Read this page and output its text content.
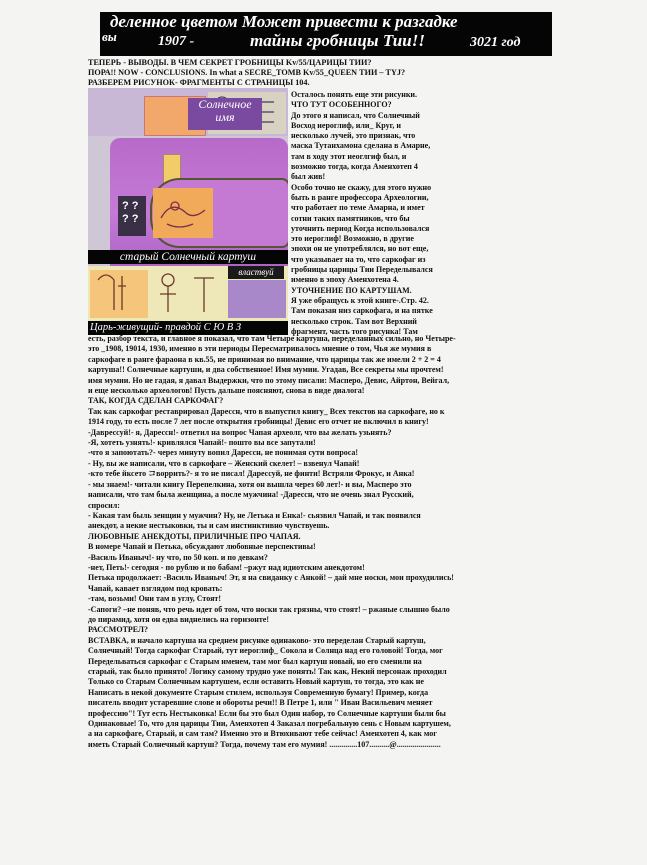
деленное цветом Может привести к разгадке
вы	1907 -	тайны гробницы Тии!!	3021 год
ТЕПЕРЬ - ВЫВОДЫ. В ЧЕМ СЕКРЕТ ГРОБНИЦЫ Kv/55/ЦАРИЦЫ ТИИ?
ПОРА!! NOW - CONCLUSIONS. In what a SECRE_TOMB Kv/55_QUEEN ТИИ – TYJ?
РАЗБЕРЕМ РИСУНОК- ФРАГМЕНТЫ С СТРАНИЦЫ 104.
Солнечное имя
? ?
? ?
старый Солнечный картуш
властвуй
Царь-живущий- правдой С Ю В З
Осталось понять еще эти рисунки.
ЧТО ТУТ ОСОБЕННОГО?
До этого я написал, что Солнечный
Восход иероглиф, или_ Круг, и
несколько лучей, это признак, что
маска Тутанхамона сделана в Амарне,
там в ходу этот иеоглгиф был, и
возможно тогда, когда Аменхотеп 4
был жив!
Особо точно не скажу, для этого нужно
быть в ранге профессора Археологии,
что работает по теме Амарна, и имет
сотни таких памятников, что бы
уточнить период Когда использовался
это иероглиф! Возможно, в другие
эпохи он не употреблялся, но вот еще,
что указывает на то, что саркофаг из
гробницы царицы Тии Переделывался
именно в эпоху Аменхотена 4.
УТОЧНЕНИЕ ПО КАРТУШАМ.
Я уже обращусь к этой книге-.Стр. 42.
Там показан низ саркофага, и на пятке
несколько строк. Там вот Верхний
фрагмент, часть того рисунка! Там
есть, разбор текста, и главное я показал, что там Четыре картуша, переделанных сильно, но Четыре-
это _1908, 19014, 1930, именно в эти периоды Пересматривалось мнение о том, Чья же мумия в
саркофаге в ранге фараона в кв.55, не принимая во внимание, что царицы так же имели 2 + 2 = 4
картуша!! Солнечные картуши, и два собственное! Имя мумии. Угадав, Все секреты мы прочтем!
имя мумии. Но не гадая, я давал Выдержки, что по этому писали: Масперо, Девис, Айртон, Вейгал,
и еще несколько археологов! Пусть дальше поясняют, снова в виде диалога!
ТАК, КОГДА СДЕЛАН САРКОФАГ?
Так как саркофаг реставрировал Дарессн, что в выпустил книгу_ Всех текстов на саркофаге, но к
1914 году, то есть после 7 лет после открытия гробницы! Девис его отчет не включил в книгу!
-Даврессуй!- я, Дарессн!- ответил на вопрос Чапая археолг, что вы желать узьнять?
-Я, хотеть узнять!- кривлялся Чапай!- пошто вы все запутали!
-что я запоютать?- через минуту вопил Дарессн, не понимая сути вопроса!
- Ну, вы же написали, что в саркофаге – Женский скелет! – взвенул Чапай!
-кто тебе йксето コворрить?- я то не писал! Дарессуй, не финти! Встряли Фрокус, и Анка!
- мы знаем!- читали книгу Перепелкина, хотя он вышла через 60 лет!- и вы, Масперо это
написали, что там была женщина, а после мужчина! -Дарессн, что не очень знал Русский,
спросил:
- Какая там быль зенщин у мужчин? Ну, не Летька и Енка!- сьязвил Чапай, и так появился
анекдот, а некие нестыковки, ты и сам инстинктивно чувствуешь.
ЛЮБОВНЫЕ АНЕКДОТЫ, ПРИЛИЧНЫЕ ПРО ЧАПАЯ.
В номере Чапай и Петька, обсуждают любовные перспективы!
-Василь Иваныч!- ну что, по 50 коп. и по девкам?
-нет, Петь!- сегодня - по рублю и по бабам! –ржут над идиотским анекдотом!
Петька продолжает: -Василь Иваныч! Эт, я на свиданку с Анкой! – дай мне носки, мои прохудились!
Чапай, кавает взглядом под кровать:
-там, возьми! Они там в углу, Стоят!
-Сапоги? –не поняв, что речь идет об том, что носки так грязны, что стоят! – ржаные слышно было
до пирамид, хотя он едва виднелись на горизонте!
РАССМОТРЕЛ?
ВСТАВКА, и начало картуша на среднем рисунке одинаково- это переделан Старый картуш,
Солнечный! Тогда саркофаг Старый, тут иероглиф_ Сокола и Солнца над его головой! Тогда, мог
Передельваться саркофаг с Старым именем, там мог был картуш новый, но его сменили на
старый, так было принято! Логику самому трудно уже понять! Так как, Некий персонаж проходил
Только со Старым Солнечным картушем, если оставить Новый картуш, то тогда, это как не
Написать в некой документе Старым стилем, используя Современную бумагу! Пример, когда
писатель вводит устаревшие слове и обороты речи!! В Петре 1, или " Иван Васильевич меняет
профессию"! Тут есть Нестыковка! Если бы это был Один набор, то Солнечные картуши были бы
Одинаковые! То, что для царицы Тии, Аменхотеп 4 Заказал погребальную сень с Новым картушем,
а на саркофаге, Старый, и сам там? Именно это и Втюхивают тебе сейчас! Аменхотеп 4, как мог
иметь Старый Солнечный картуш? Тогда, почему там его мумия! ..............107..........@......................
